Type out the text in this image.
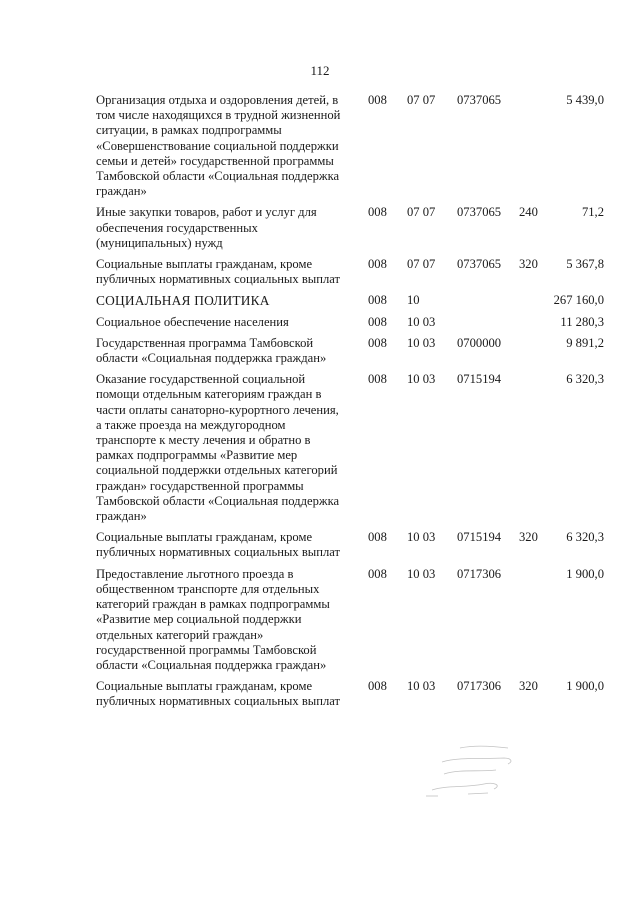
112
Организация отдыха и оздоровления детей, в том числе находящихся в трудной жизненной ситуации, в рамках подпрограммы «Совершенствование социальной поддержки семьи и детей» государственной программы Тамбовской области «Социальная поддержка граждан»	008	07 07	0737065		5 439,0
Иные закупки товаров, работ и услуг для обеспечения государственных (муниципальных) нужд	008	07 07	0737065	240	71,2
Социальные выплаты гражданам, кроме публичных нормативных социальных выплат	008	07 07	0737065	320	5 367,8
СОЦИАЛЬНАЯ ПОЛИТИКА	008	10			267 160,0
Социальное обеспечение населения	008	10 03			11 280,3
Государственная программа Тамбовской области «Социальная поддержка граждан»	008	10 03	0700000		9 891,2
Оказание государственной социальной помощи отдельным категориям граждан в части оплаты санаторно-курортного лечения, а также проезда на междугородном транспорте к месту лечения и обратно в рамках подпрограммы «Развитие мер социальной поддержки отдельных категорий граждан» государственной программы Тамбовской области «Социальная поддержка граждан»	008	10 03	0715194		6 320,3
Социальные выплаты гражданам, кроме публичных нормативных социальных выплат	008	10 03	0715194	320	6 320,3
Предоставление льготного проезда в общественном транспорте для отдельных категорий граждан в рамках подпрограммы «Развитие мер социальной поддержки отдельных категорий граждан» государственной программы Тамбовской области «Социальная поддержка граждан»	008	10 03	0717306		1 900,0
Социальные выплаты гражданам, кроме публичных нормативных социальных выплат	008	10 03	0717306	320	1 900,0
